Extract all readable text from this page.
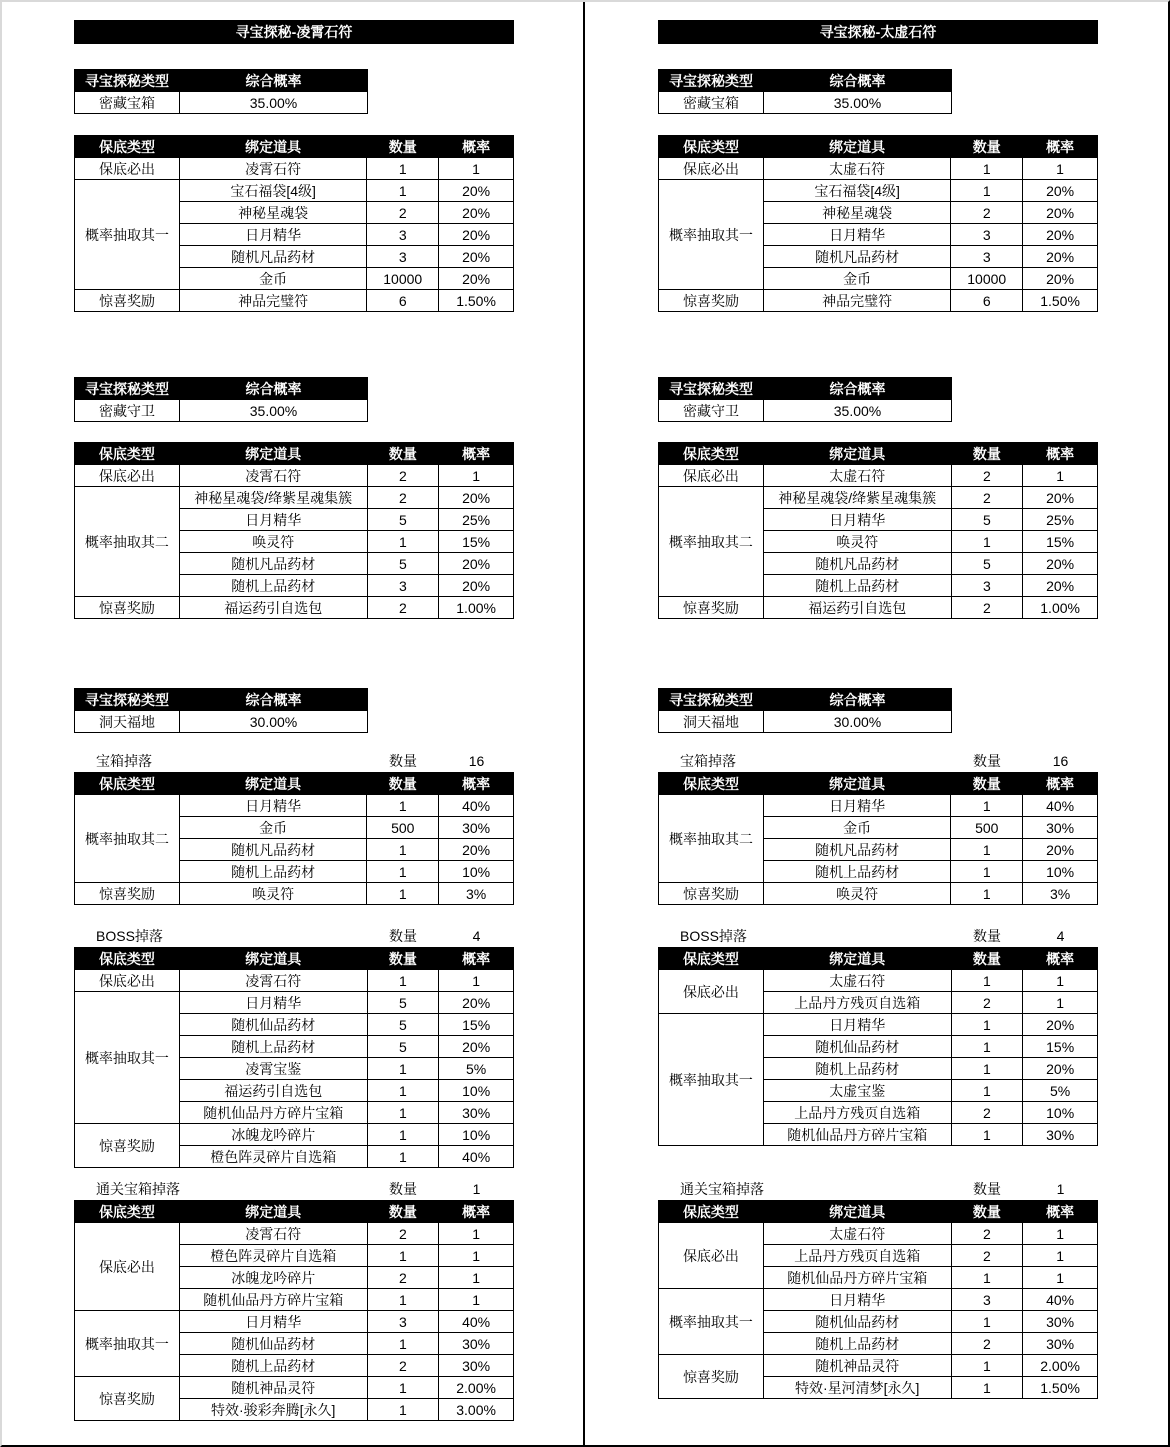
寻宝探秘-凌霄石符
寻宝探秘类型	综合概率
密藏宝箱	35.00%
保底类型	绑定道具	数量	概率
保底必出	凌霄石符	1	1
概率抽取其一	宝石福袋[4级]	1	20%
	神秘星魂袋	2	20%
	日月精华	3	20%
	随机凡品药材	3	20%
	金币	10000	20%
惊喜奖励	神品完璧符	6	1.50%
寻宝探秘类型	综合概率
密藏守卫	35.00%
保底类型	绑定道具	数量	概率
保底必出	凌霄石符	2	1
概率抽取其二	神秘星魂袋/绛紫星魂集簇	2	20%
	日月精华	5	25%
	唤灵符	1	15%
	随机凡品药材	5	20%
	随机上品药材	3	20%
惊喜奖励	福运药引自选包	2	1.00%
寻宝探秘类型	综合概率
洞天福地	30.00%
宝箱掉落	数量	16
保底类型	绑定道具	数量	概率
概率抽取其二	日月精华	1	40%
	金币	500	30%
	随机凡品药材	1	20%
	随机上品药材	1	10%
惊喜奖励	唤灵符	1	3%
BOSS掉落	数量	4
保底类型	绑定道具	数量	概率
保底必出	凌霄石符	1	1
概率抽取其一	日月精华	5	20%
	随机仙品药材	5	15%
	随机上品药材	5	20%
	凌霄宝鉴	1	5%
	福运药引自选包	1	10%
	随机仙品丹方碎片宝箱	1	30%
惊喜奖励	冰魄龙吟碎片	1	10%
	橙色阵灵碎片自选箱	1	40%
通关宝箱掉落	数量	1
保底类型	绑定道具	数量	概率
保底必出	凌霄石符	2	1
	橙色阵灵碎片自选箱	1	1
	冰魄龙吟碎片	2	1
	随机仙品丹方碎片宝箱	1	1
概率抽取其一	日月精华	3	40%
	随机仙品药材	1	30%
	随机上品药材	2	30%
惊喜奖励	随机神品灵符	1	2.00%
	特效·骏彩奔腾[永久]	1	3.00%
寻宝探秘-太虚石符
寻宝探秘类型	综合概率
密藏宝箱	35.00%
保底类型	绑定道具	数量	概率
保底必出	太虚石符	1	1
概率抽取其一	宝石福袋[4级]	1	20%
	神秘星魂袋	2	20%
	日月精华	3	20%
	随机凡品药材	3	20%
	金币	10000	20%
惊喜奖励	神品完璧符	6	1.50%
寻宝探秘类型	综合概率
密藏守卫	35.00%
保底类型	绑定道具	数量	概率
保底必出	太虚石符	2	1
概率抽取其二	神秘星魂袋/绛紫星魂集簇	2	20%
	日月精华	5	25%
	唤灵符	1	15%
	随机凡品药材	5	20%
	随机上品药材	3	20%
惊喜奖励	福运药引自选包	2	1.00%
寻宝探秘类型	综合概率
洞天福地	30.00%
宝箱掉落	数量	16
保底类型	绑定道具	数量	概率
概率抽取其二	日月精华	1	40%
	金币	500	30%
	随机凡品药材	1	20%
	随机上品药材	1	10%
惊喜奖励	唤灵符	1	3%
BOSS掉落	数量	4
保底类型	绑定道具	数量	概率
保底必出	太虚石符	1	1
	上品丹方残页自选箱	2	1
概率抽取其一	日月精华	1	20%
	随机仙品药材	1	15%
	随机上品药材	1	20%
	太虚宝鉴	1	5%
	上品丹方残页自选箱	2	10%
	随机仙品丹方碎片宝箱	1	30%
通关宝箱掉落	数量	1
保底类型	绑定道具	数量	概率
保底必出	太虚石符	2	1
	上品丹方残页自选箱	2	1
	随机仙品丹方碎片宝箱	1	1
概率抽取其一	日月精华	3	40%
	随机仙品药材	1	30%
	随机上品药材	2	30%
惊喜奖励	随机神品灵符	1	2.00%
	特效·星河清梦[永久]	1	1.50%
